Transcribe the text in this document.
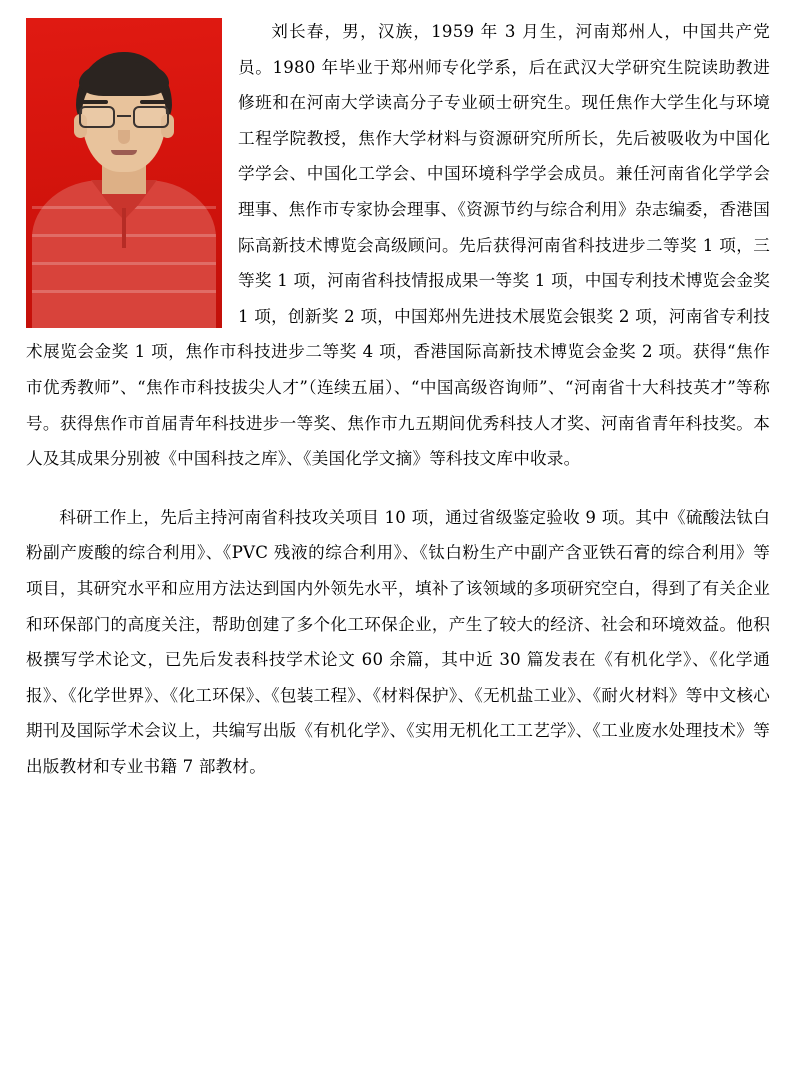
刘长春，男，汉族，1959 年 3 月生，河南郑州人，中国共产党员。1980 年毕业于郑州师专化学系，后在武汉大学研究生院读助教进修班和在河南大学读高分子专业硕士研究生。现任焦作大学生化与环境工程学院教授，焦作大学材料与资源研究所所长，先后被吸收为中国化学学会、中国化工学会、中国环境科学学会成员。兼任河南省化学学会理事、焦作市专家协会理事、《资源节约与综合利用》杂志编委，香港国际高新技术博览会高级顾问。先后获得河南省科技进步二等奖 1 项，三等奖 1 项，河南省科技情报成果一等奖 1 项，中国专利技术博览会金奖 1 项，创新奖 2 项，中国郑州先进技术展览会银奖 2 项，河南省专利技术展览会金奖 1 项，焦作市科技进步二等奖 4 项，香港国际高新技术博览会金奖 2 项。获得“焦作市优秀教师”、“焦作市科技拔尖人才”（连续五届）、“中国高级咨询师”、“河南省十大科技英才”等称号。获得焦作市首届青年科技进步一等奖、焦作市九五期间优秀科技人才奖、河南省青年科技奖。本人及其成果分别被《中国科技之库》、《美国化学文摘》等科技文库中收录。

科研工作上，先后主持河南省科技攻关项目 10 项，通过省级鉴定验收 9 项。其中《硫酸法钛白粉副产废酸的综合利用》、《PVC 残液的综合利用》、《钛白粉生产中副产含亚铁石膏的综合利用》等项目，其研究水平和应用方法达到国内外领先水平，填补了该领域的多项研究空白，得到了有关企业和环保部门的高度关注，帮助创建了多个化工环保企业，产生了较大的经济、社会和环境效益。他积极撰写学术论文，已先后发表科技学术论文 60 余篇，其中近 30 篇发表在《有机化学》、《化学通报》、《化学世界》、《化工环保》、《包装工程》、《材料保护》、《无机盐工业》、《耐火材料》等中文核心期刊及国际学术会议上，共编写出版《有机化学》、《实用无机化工工艺学》、《工业废水处理技术》等出版教材和专业书籍 7 部教材。
